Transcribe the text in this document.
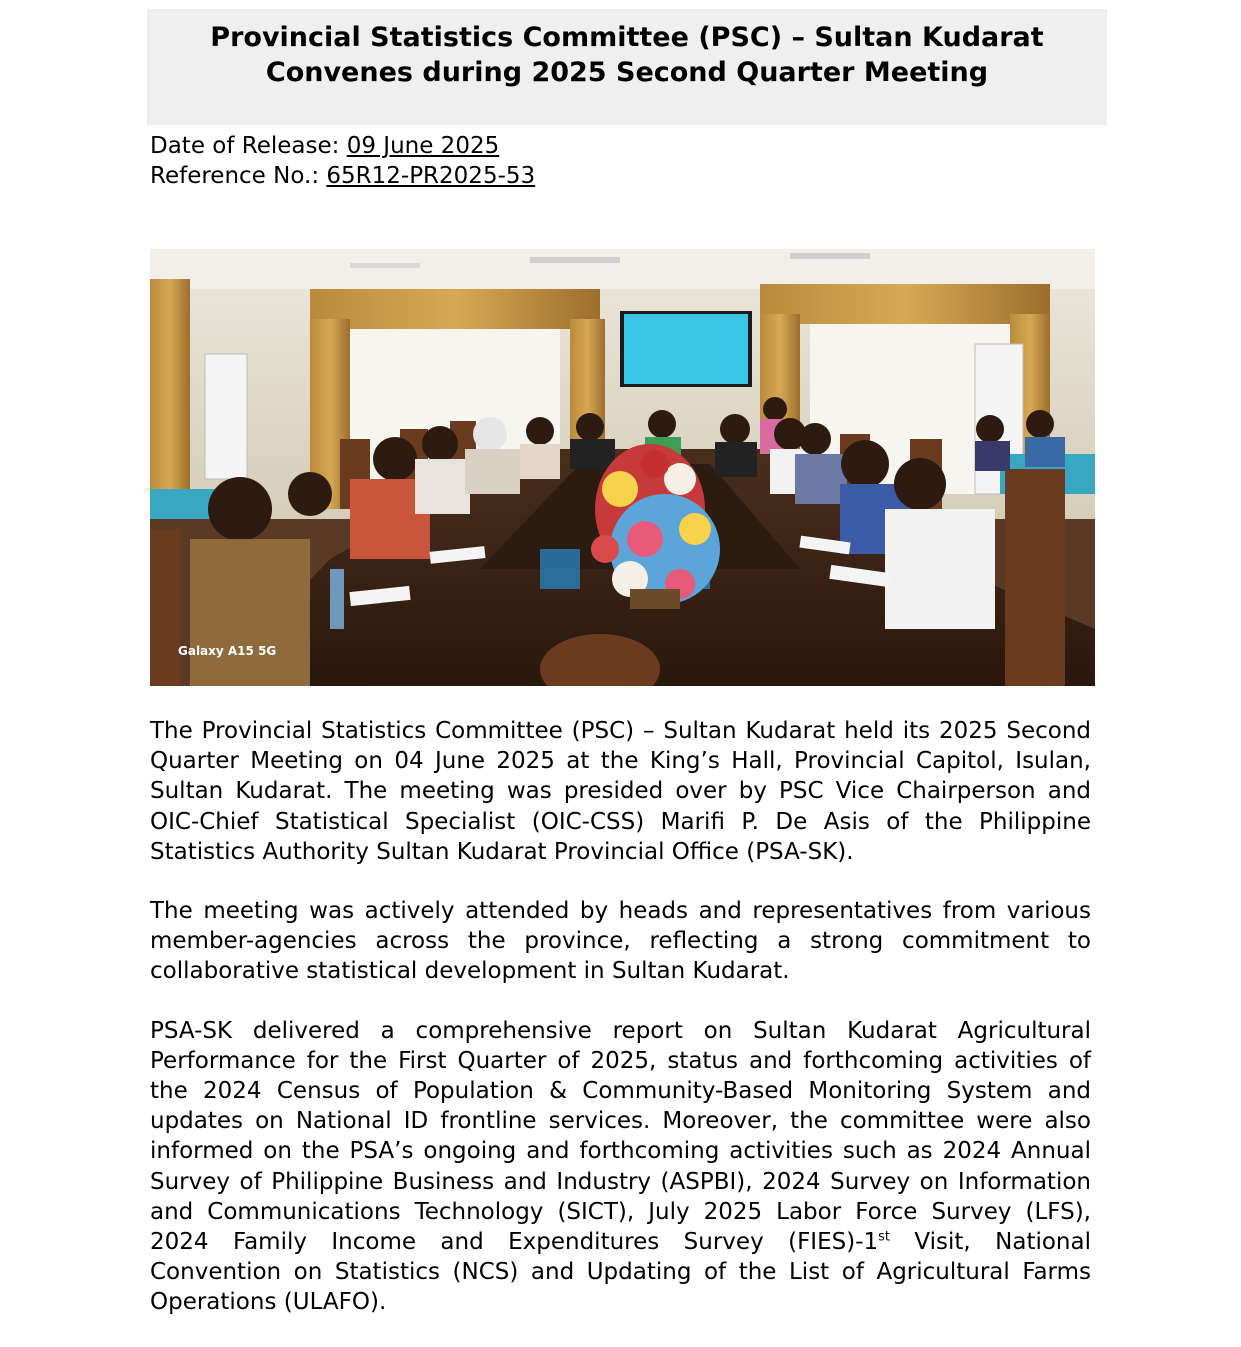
Provincial Statistics Committee (PSC) – Sultan Kudarat
Convenes during 2025 Second Quarter Meeting
Date of Release: 09 June 2025
Reference No.: 65R12-PR2025-53
Galaxy A15 5G

The Provincial Statistics Committee (PSC) – Sultan Kudarat held its 2025 Second Quarter Meeting on 04 June 2025 at the King’s Hall, Provincial Capitol, Isulan, Sultan Kudarat. The meeting was presided over by PSC Vice Chairperson and OIC-Chief Statistical Specialist (OIC-CSS) Marifi P. De Asis of the Philippine Statistics Authority Sultan Kudarat Provincial Office (PSA-SK).

The meeting was actively attended by heads and representatives from various member-agencies across the province, reflecting a strong commitment to collaborative statistical development in Sultan Kudarat.

PSA-SK delivered a comprehensive report on Sultan Kudarat Agricultural Performance for the First Quarter of 2025, status and forthcoming activities of the 2024 Census of Population & Community-Based Monitoring System and updates on National ID frontline services. Moreover, the committee were also informed on the PSA’s ongoing and forthcoming activities such as 2024 Annual Survey of Philippine Business and Industry (ASPBI), 2024 Survey on Information and Communications Technology (SICT), July 2025 Labor Force Survey (LFS), 2024 Family Income and Expenditures Survey (FIES)-1st Visit, National Convention on Statistics (NCS) and Updating of the List of Agricultural Farms Operations (ULAFO).
